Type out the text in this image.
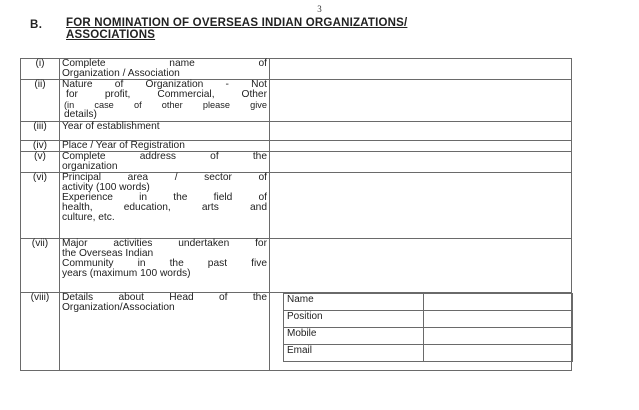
3
B. FOR NOMINATION OF OVERSEAS INDIAN ORGANIZATIONS/
ASSOCIATIONS
(i)	Complete name of
Organization / Association	
(ii)	Nature of Organization - Not
for profit, Commercial, Other
(in case of other please give
details)	
(iii)	Year of establishment	
(iv)	Place / Year of Registration	
(v)	Complete address of the
organization	
(vi)	Principal area / sector of
activity (100 words)
Experience in the field of
health, education, arts and
culture, etc.	
(vii)	Major activities undertaken for
the Overseas Indian
Community in the past five
years (maximum 100 words)	
(viii)	Details about Head of the
Organization/Association	
Name	
Position	
Mobile	
Email	
